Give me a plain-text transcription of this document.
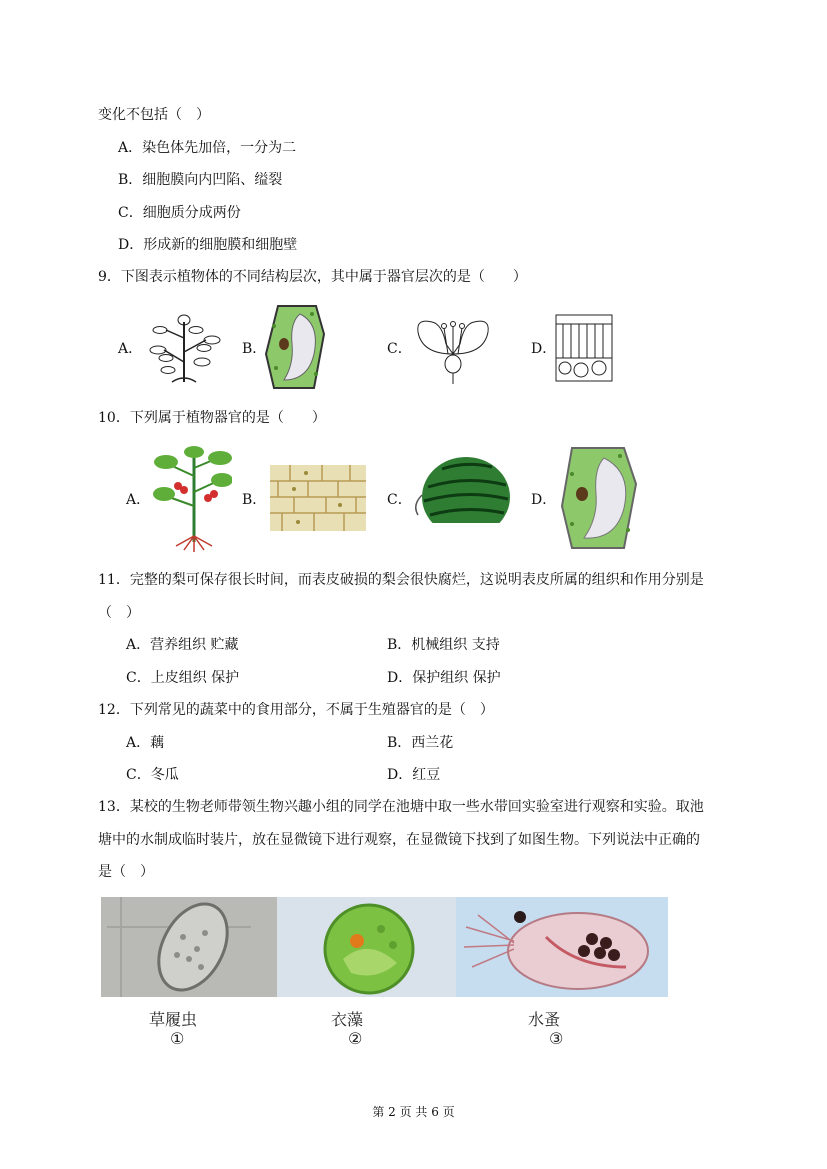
变化不包括（　）
A．染色体先加倍，一分为二
B．细胞膜向内凹陷、缢裂
C．细胞质分成两份
D．形成新的细胞膜和细胞壁
9．下图表示植物体的不同结构层次，其中属于器官层次的是（　　）
A．	B．	C．	D．
10．下列属于植物器官的是（　　）
A．	B．	C．	D．
11．完整的梨可保存很长时间，而表皮破损的梨会很快腐烂，这说明表皮所属的组织和作用分别是
（　）
A．营养组织 贮藏	B．机械组织 支持
C．上皮组织 保护	D．保护组织 保护
12．下列常见的蔬菜中的食用部分，不属于生殖器官的是（　）
A．藕	B．西兰花
C．冬瓜	D．红豆
13．某校的生物老师带领生物兴趣小组的同学在池塘中取一些水带回实验室进行观察和实验。取池
塘中的水制成临时装片，放在显微镜下进行观察，在显微镜下找到了如图生物。下列说法中正确的
是（　）
草履虫	衣藻	水蚤
①	②	③
第 2 页 共 6 页
